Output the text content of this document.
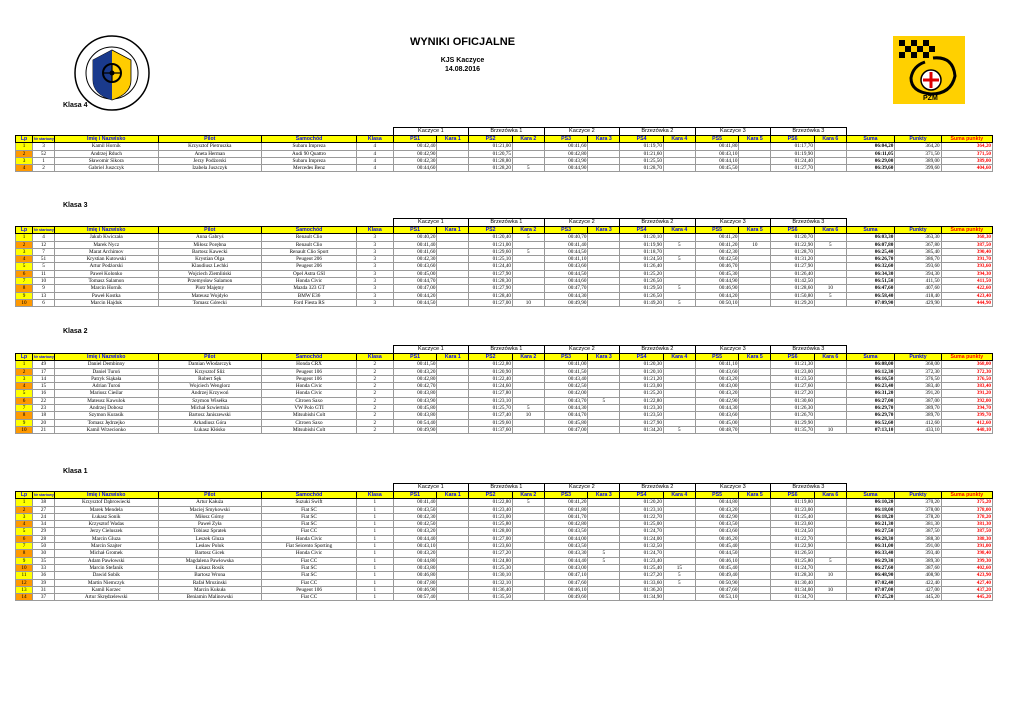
PZM
WYNIKI OFICJALNE
KJS Kaczyce
14.08.2016
Klasa 4
						Kaczyce 1		Brzezówka 1		Kaczyce 2		Brzezówka 2		Kaczyce 3		Brzezówka 3				
Lp	Nr startowy	Imię i Nazwisko	Pilot	Samochód	Klasa	PS1	Kara 1	PS2	Kara 2	PS3	Kara 3	PS4	Kara 4	PS5	Kara 5	PS6	Kara 6	Suma	Punkty	Suma punkty
1	3	Kamil Hornik	Krzysztof Pietruszka	Subaru Impreza	4	00:42,40		01:21,00		00:41,60		01:19,70		00:41,80		01:17,70		06:04,20	364,20	364,20
2	52	Andrzej Rduch	Aneta Herman	Audi 90 Quattro	4	00:42,90		01:20,75		00:42,80		01:21,60		00:43,10		01:19,90		06:11,05	371,50	371,50
3	1	Sławomir Sikora	Jerzy Podżorski	Subaru Impreza	4	00:42,30		01:28,80		00:43,90		01:25,50		00:44,10		01:24,40		06:29,00	389,00	389,00
4	2	Gabriel Juszczyk	Izabela Juszczyk	Mercedes Benz	4	00:44,60		01:28,20	5	00:44,90		01:28,70		00:45,50		01:27,70		06:39,60	399,60	404,60
Klasa 3
						Kaczyce 1		Brzezówka 1		Kaczyce 2		Brzezówka 2		Kaczyce 3		Brzezówka 3				
Lp	Nr startowy	Imię i Nazwisko	Pilot	Samochód	Klasa	PS1	Kara 1	PS2	Kara 2	PS3	Kara 3	PS4	Kara 4	PS5	Kara 5	PS6	Kara 6	Suma	Punkty	Suma punkty
1	4	Jakub Kwiczała	Anna Gabryś	Renault Clio	3	00:40,20		01:20,40	5	00:40,70		01:20,10		00:41,20		01:20,70		06:03,30	363,30	368,30
2	12	Marek Nycz	Miłosz Porębna	Renault Clio	3	00:41,40		01:21,00		00:41,40		01:19,90	5	00:41,20	10	01:22,90	5	06:07,80	367,80	387,50
3	7	Marat Archimov	Bartosz Kawecki	Renault Clio Sport	3	00:41,60		01:29,60	5	00:44,50		01:18,70		00:42,30		01:28,70		06:25,40	385,40	390,40
4	51	Krystian Kutowski	Krystian Olga	Peugeot 206	3	00:42,30		01:25,10		00:41,10		01:24,50	5	00:42,50		01:31,20		06:26,70	386,70	391,70
5	5	Artur Podżorski	Klaudiusz Lechki	Peugeot 206	3	00:43,60		01:24,40		00:43,60		01:26,40		00:46,70		01:27,90		06:32,60	393,60	393,60
6	11	Paweł Kolonko	Wojciech Ziemliński	Opel Astra GSI	3	00:45,00		01:27,90		00:44,50		01:25,20		00:45,30		01:26,40		06:34,30	394,30	394,30
7	10	Tomasz Salamon	Przemysław Salamon	Honda Civic	3	00:44,70		01:28,30		00:44,60		01:26,50		00:44,90		01:42,50		06:51,50	411,50	411,50
8	9	Marcin Hornik	Piotr Majętny	Mazda 323 GT	3	00:47,00		01:27,90		00:47,70		01:29,50	5	00:46,90		01:28,60	10	06:47,60	407,60	422,60
9	13	Paweł Kostka	Mateusz Wojdyło	BMW E36	3	00:44,20		01:28,40		00:44,30		01:26,50		00:44,20		01:50,80	5	06:58,40	418,40	423,40
10	6	Marcin Hajduk	Tomasz Górecki	Ford Fiesta RS	3	00:44,50		01:27,00	10	00:49,90		01:49,20	5	00:50,10		01:29,20		07:09,90	429,90	444,90
Klasa 2
						Kaczyce 1		Brzezówka 1		Kaczyce 2		Brzezówka 2		Kaczyce 3		Brzezówka 3				
Lp	Nr startowy	Imię i Nazwisko	Pilot	Samochód	Klasa	PS1	Kara 1	PS2	Kara 2	PS3	Kara 3	PS4	Kara 4	PS5	Kara 5	PS6	Kara 6	Suma	Punkty	Suma punkty
1	49	Daniel Dembinny	Damian Włodarczyk	Honda CRX	2	00:41,50		01:22,80		00:41,00		01:20,30		00:41,10		01:21,30		06:08,00	368,00	368,00
2	17	Daniel Turoń	Krzysztof Śliż	Peugeot 106	2	00:43,20		01:20,90		00:41,50		01:20,10		00:43,60		01:23,00		06:12,30	372,30	372,30
3	14	Patryk Siąkała	Robert Sęk	Peugeot 106	2	00:42,80		01:22,40		00:43,40		01:21,20		00:43,20		01:23,50		06:16,50	376,50	376,50
4	15	Adrian Turoń	Wojciech Wenglorz	Honda Civic	2	00:42,70		01:24,60		00:42,50		01:23,00		00:43,00		01:27,60		06:23,40	383,40	383,40
5	16	Mariusz Cieślar	Andrzej Krzywoń	Honda Civic	2	00:43,80		01:27,80		00:42,00		01:25,20		00:43,20		01:27,20		06:31,20	391,20	391,20
6	22	Mateusz Kawulok	Szymon Wisełka	Citroen Saxo	2	00:43,90		01:23,10		00:43,70	5	01:22,80		00:42,90		01:30,60		06:27,00	387,00	392,00
7	23	Andrzej Dobosz	Michał Szwiertnia	VW Polo GTI	2	00:45,80		01:25,70	5	00:44,30		01:23,30		00:44,30		01:26,30		06:29,70	389,70	394,70
8	18	Szymon Kurasik	Bartosz Janiszewski	Mitsubishi Colt	2	00:43,80		01:27,40	10	00:44,70		01:23,50		00:43,60		01:26,70		06:29,70	389,70	399,70
9	20	Tomasz Jędrzejko	Arkadiusz Góra	Citroen Saxo	2	00:54,40		01:29,60		00:45,80		01:27,90		00:45,00		01:29,90		06:52,60	412,60	412,60
10	21	Kamil Wrzecionko	Łukasz Kłósko	Mitsubishi Colt	2	00:49,90		01:37,60		00:47,00		01:34,20	5	00:48,70		01:35,70	10	07:13,10	433,10	448,10
Klasa 1
						Kaczyce 1		Brzezówka 1		Kaczyce 2		Brzezówka 2		Kaczyce 3		Brzezówka 3				
Lp	Nr startowy	Imię i Nazwisko	Pilot	Samochód	Klasa	PS1	Kara 1	PS2	Kara 2	PS3	Kara 3	PS4	Kara 4	PS5	Kara 5	PS6	Kara 6	Suma	Punkty	Suma punkty
1	38	Krzysztof Dąbrowiecki	Artur Kałuża	Suzuki Swift	1	00:41,40		01:22,80	5	00:41,20		01:20,20		00:44,80		01:19,80		06:10,20	370,20	375,20
2	27	Marek Mendela	Maciej Smykowski	Fiat SC	1	00:43,50		01:23,40		00:41,80		01:23,10		00:43,20		01:23,00		06:18,00	378,00	378,00
3	24	Łukasz Sonik	Miłosz Górny	Fiat SC	1	00:42,30		01:23,00		00:41,70		01:22,70		00:42,90		01:25,40		06:18,20	378,20	378,20
4	34	Krzysztof Wadas	Paweł Żyła	Fiat SC	1	00:42,50		01:25,80		00:42,80		01:25,00		00:43,50		01:23,60		06:21,30	381,30	381,30
5	29	Jerzy Cieluszek	Tobiasz Spratek	Fiat CC	1	00:43,20		01:28,00		00:43,50		01:24,70		00:43,60		01:24,50		06:27,50	387,50	387,50
6	28	Marcin Gluza	Leszek Gluza	Honda Civic	1	00:44,40		01:27,00		00:44,00		01:24,00		00:46,20		01:22,70		06:28,30	388,30	388,30
7	50	Marcin Szajter	Lesław Polok	Fiat Seicento Sporting	1	00:43,10		01:23,60		00:43,50		01:32,50		00:45,40		01:22,90		06:31,00	391,00	391,00
8	30	Michał Gromek	Bartosz Gicek	Honda Civic	1	00:43,20		01:27,20		00:43,30	5	01:24,70		00:44,50		01:26,50		06:33,40	393,40	398,40
9	35	Adam Pawłowski	Magdalena Pawłowska	Fiat CC	1	00:44,80		01:24,80		00:44,40	5	01:23,40		00:46,10		01:25,80	5	06:29,30	389,30	399,30
10	33	Marcin Stefanik	Łukasz Rosik	Fiat SC	1	00:43,80		01:25,30		00:43,00		01:25,40	15	00:45,40		01:24,70		06:27,60	387,60	402,60
11	36	Dawid Sobik	Bartosz Wrona	Fiat SC	1	00:46,80		01:30,10		00:47,10		01:27,20	5	00:49,40		01:28,30	10	06:48,90	408,90	423,90
12	39	Martin Niemczyk	Rafał Mrozinski	Fiat CC	1	00:47,80		01:32,10		00:47,60		01:33,60	5	00:50,90		01:30,40		07:02,40	422,40	427,40
13	31	Kamil Korzec	Marcin Kukuła	Peugeot 106	1	00:46,90		01:36,40		00:46,10		01:36,20		00:47,60		01:34,00	10	07:07,00	427,00	437,20
14	37	Artur Skrędzelewski	Beniamin Malinowski	Fiat CC	1	00:57,40		01:35,50		00:49,60		01:34,90		00:53,10		01:34,70		07:25,20	445,20	445,20
